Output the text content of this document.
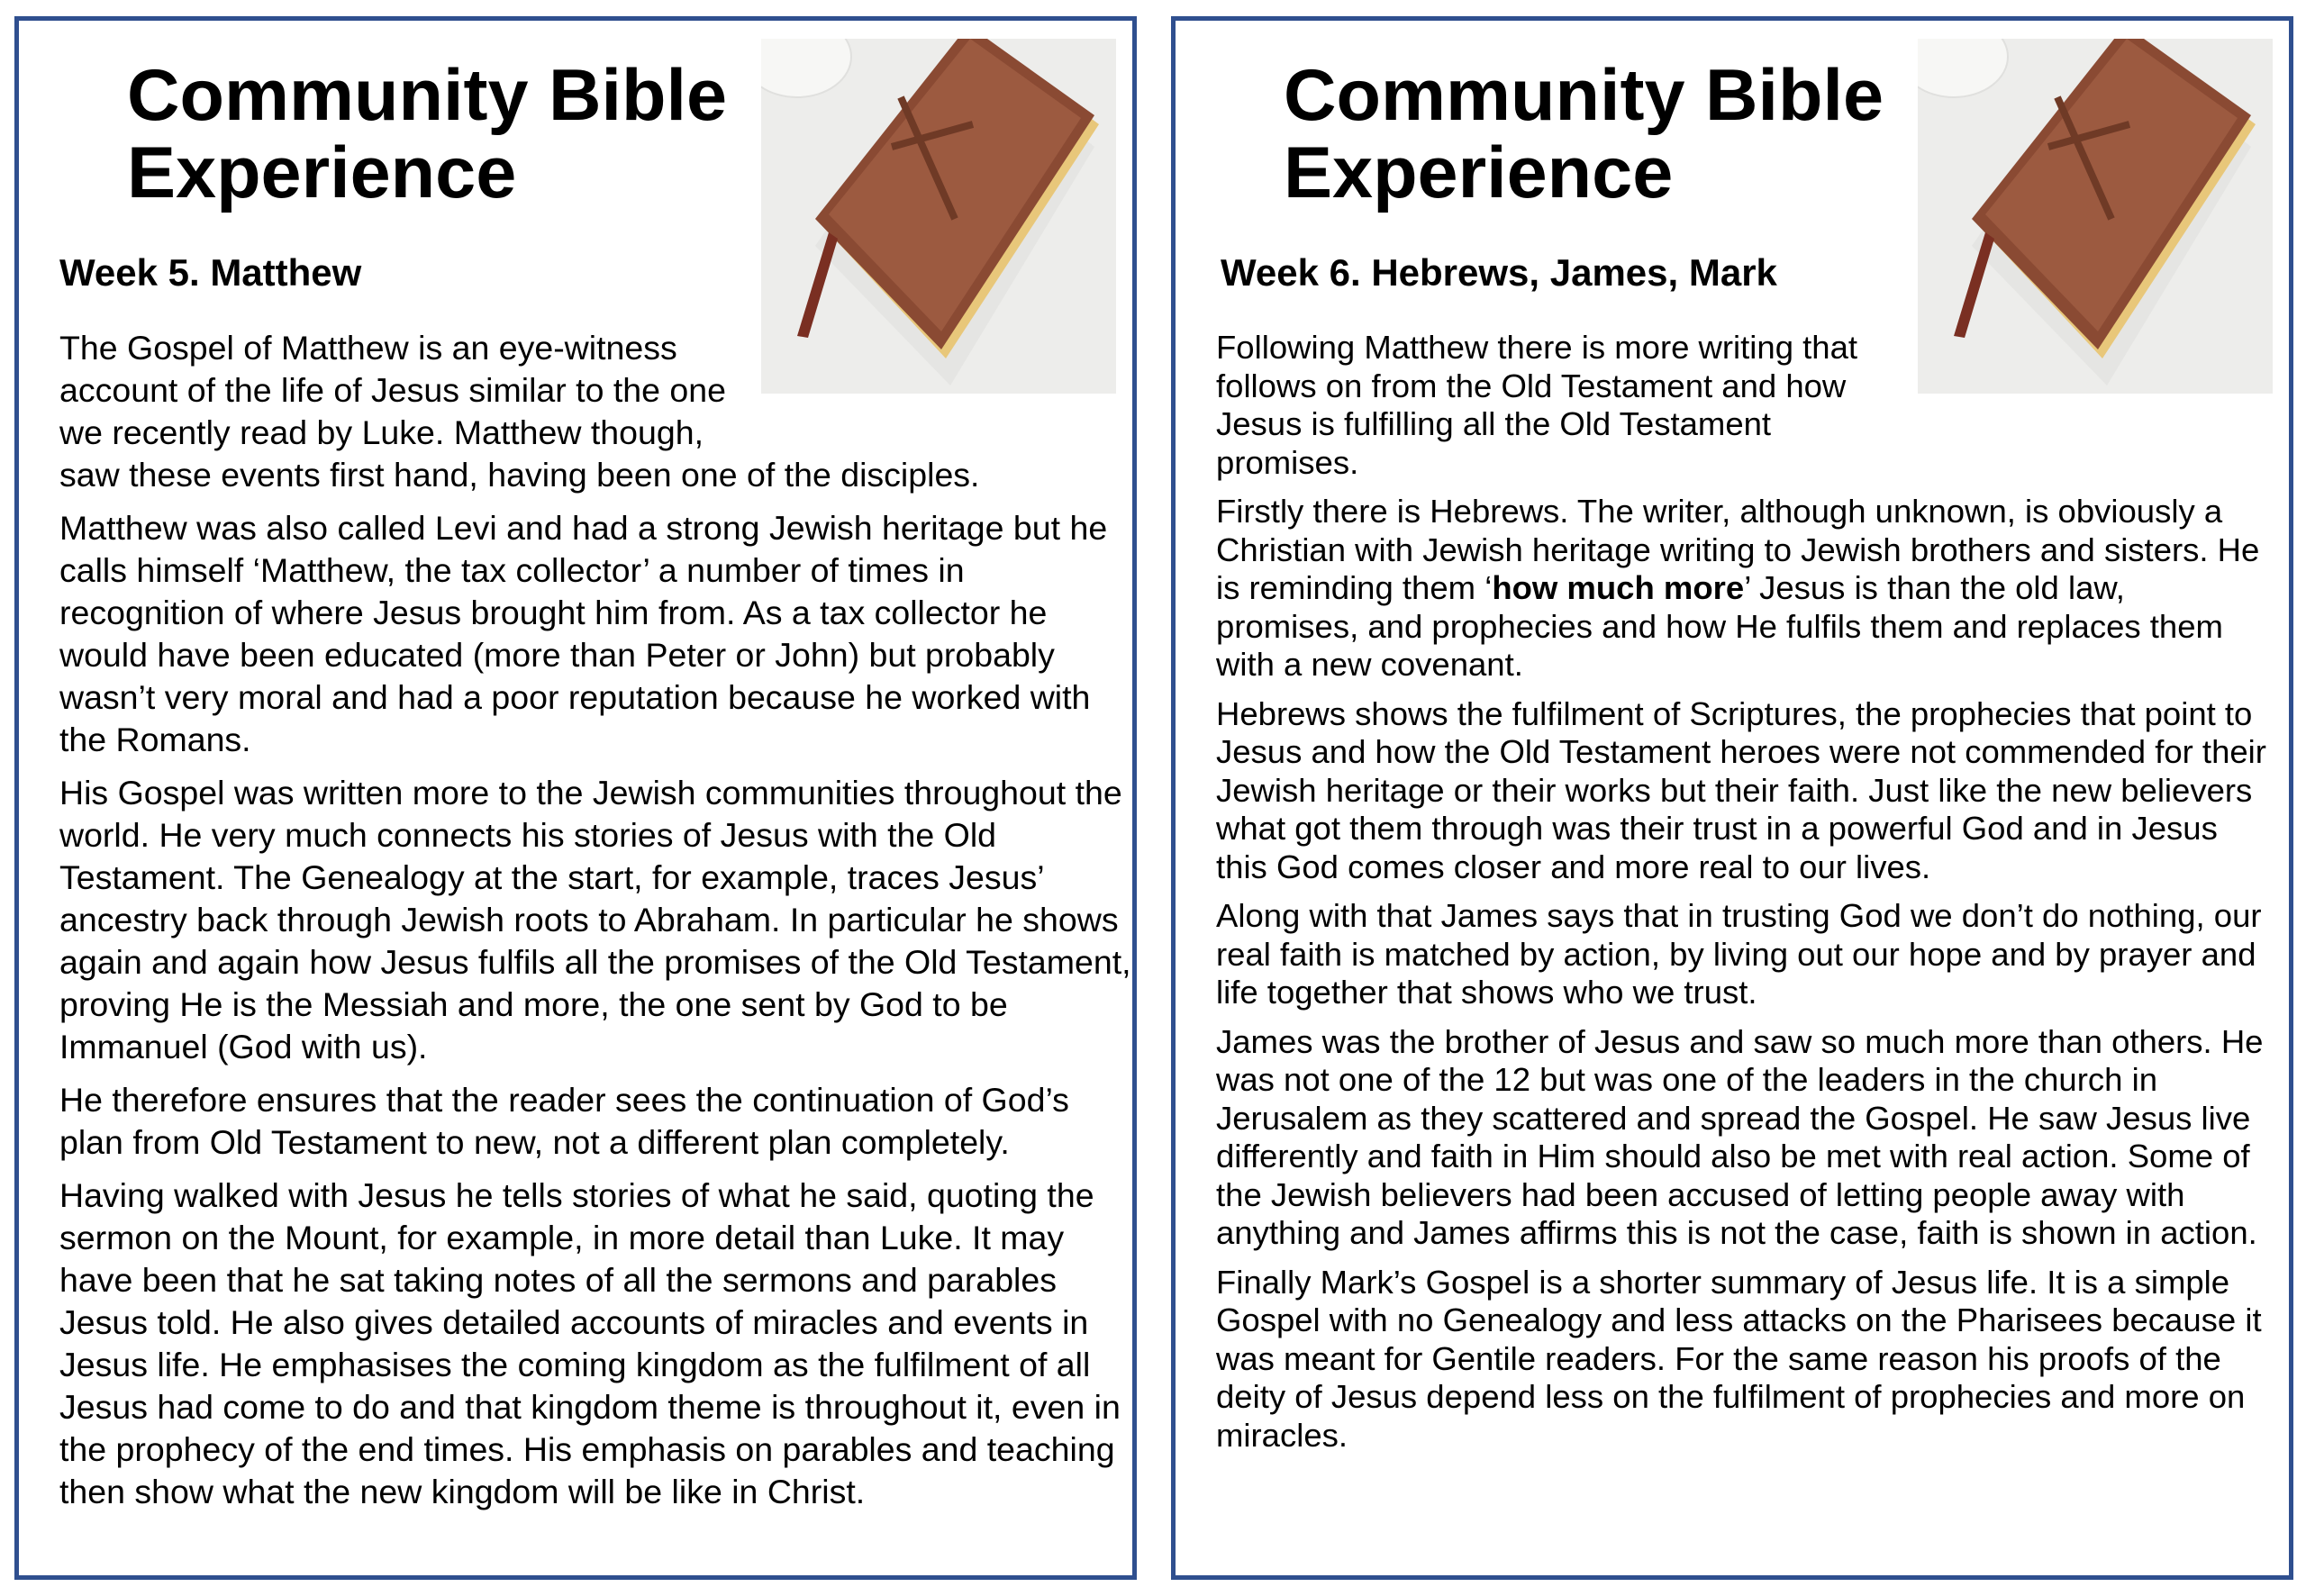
Community Bible Experience
Week 5. Matthew

The Gospel of Matthew is an eye-witness account of the life of Jesus similar to the one we recently read by Luke. Matthew though, saw these events first hand, having been one of the disciples.

Matthew was also called Levi and had a strong Jewish heritage but he calls himself ‘Matthew, the tax collector’ a number of times in recognition of where Jesus brought him from. As a tax collector he would have been educated (more than Peter or John) but probably wasn’t very moral and had a poor reputation because he worked with the Romans.

His Gospel was written more to the Jewish communities throughout the world. He very much connects his stories of Jesus with the Old Testament. The Genealogy at the start, for example, traces Jesus’ ancestry back through Jewish roots to Abraham. In particular he shows again and again how Jesus fulfils all the promises of the Old Testament, proving He is the Messiah and more, the one sent by God to be Immanuel (God with us).

He therefore ensures that the reader sees the continuation of God’s plan from Old Testament to new, not a different plan completely.

Having walked with Jesus he tells stories of what he said, quoting the sermon on the Mount, for example, in more detail than Luke. It may have been that he sat taking notes of all the sermons and parables Jesus told. He also gives detailed accounts of miracles and events in Jesus life. He emphasises the coming kingdom as the fulfilment of all Jesus had come to do and that kingdom theme is throughout it, even in the prophecy of the end times. His emphasis on parables and teaching then show what the new kingdom will be like in Christ.

Community Bible Experience
Week 6. Hebrews, James, Mark

Following Matthew there is more writing that follows on from the Old Testament and how Jesus is fulfilling all the Old Testament promises.

Firstly there is Hebrews. The writer, although unknown, is obviously a Christian with Jewish heritage writing to Jewish brothers and sisters. He is reminding them ‘how much more’ Jesus is than the old law, promises, and prophecies and how He fulfils them and replaces them with a new covenant.

Hebrews shows the fulfilment of Scriptures, the prophecies that point to Jesus and how the Old Testament heroes were not commended for their Jewish heritage or their works but their faith. Just like the new believers what got them through was their trust in a powerful God and in Jesus this God comes closer and more real to our lives.

Along with that James says that in trusting God we don’t do nothing, our real faith is matched by action, by living out our hope and by prayer and life together that shows who we trust.

James was the brother of Jesus and saw so much more than others. He was not one of the 12 but was one of the leaders in the church in Jerusalem as they scattered and spread the Gospel. He saw Jesus live differently and faith in Him should also be met with real action. Some of the Jewish believers had been accused of letting people away with anything and James affirms this is not the case, faith is shown in action.

Finally Mark’s Gospel is a shorter summary of Jesus life. It is a simple Gospel with no Genealogy and less attacks on the Pharisees because it was meant for Gentile readers. For the same reason his proofs of the deity of Jesus depend less on the fulfilment of prophecies and more on miracles.
